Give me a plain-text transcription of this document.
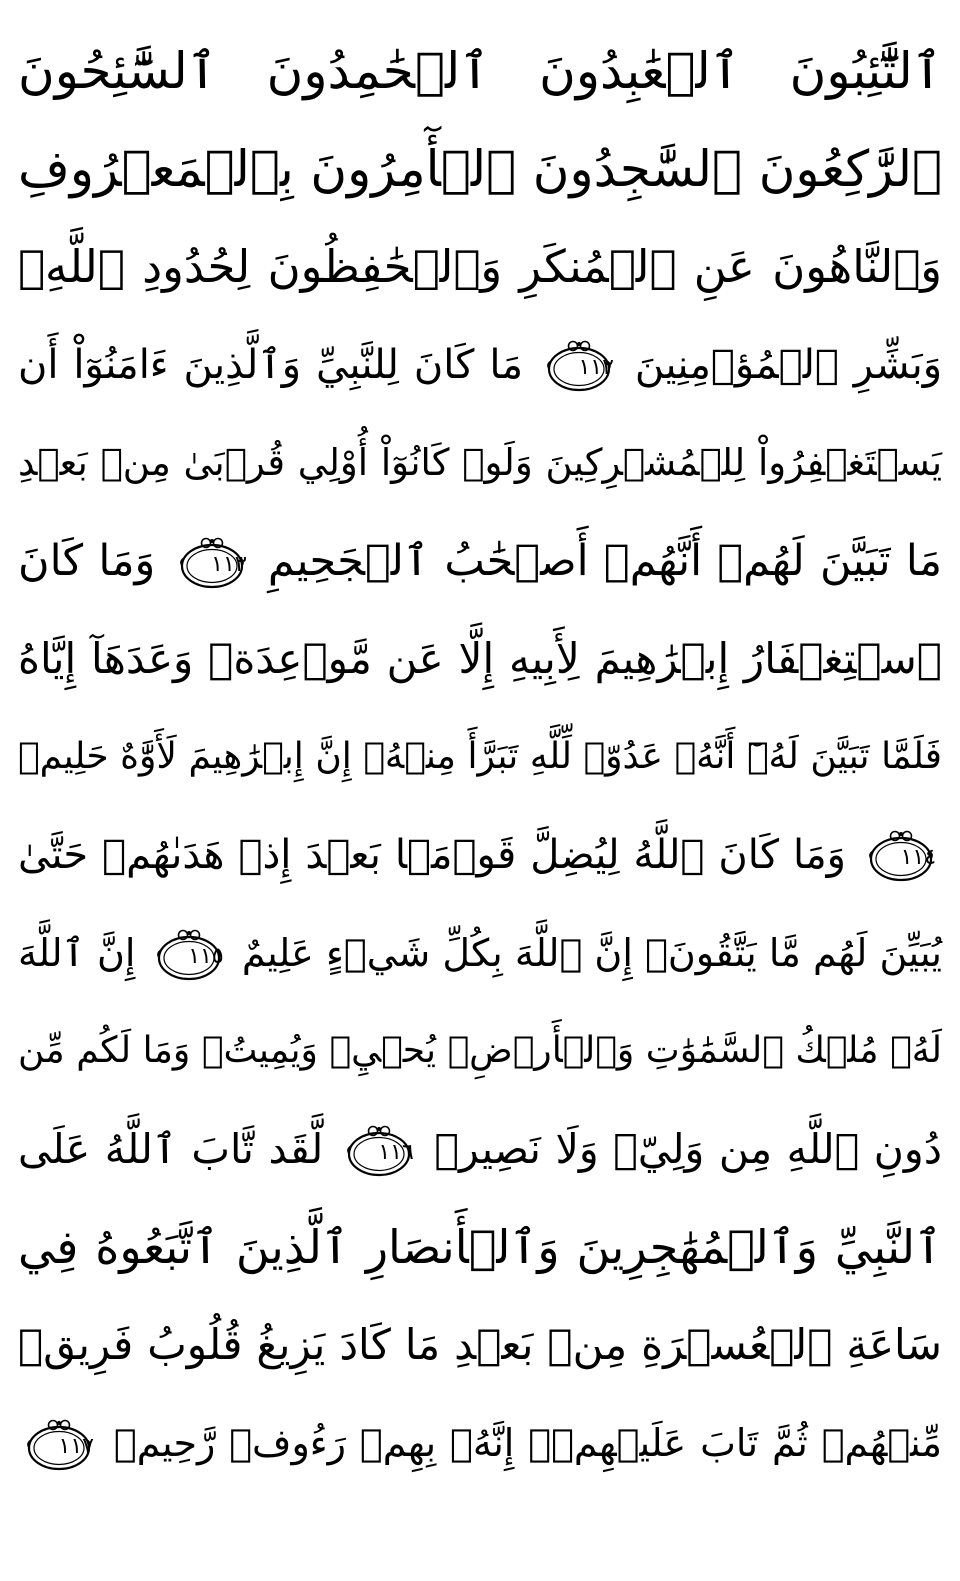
ٱلتَّٰٓئِبُونَ ٱلۡعَٰبِدُونَ ٱلۡحَٰمِدُونَ ٱلسَّٰٓئِحُونَ
ٱلرَّٰكِعُونَ ٱلسَّٰجِدُونَ ٱلۡأٓمِرُونَ بِٱلۡمَعۡرُوفِ
وَٱلنَّاهُونَ عَنِ ٱلۡمُنكَرِ وَٱلۡحَٰفِظُونَ لِحُدُودِ ٱللَّهِۗ
وَبَشِّرِ ٱلۡمُؤۡمِنِينَ
١١٢
مَا كَانَ لِلنَّبِيِّ وَٱلَّذِينَ ءَامَنُوٓاْ أَن
يَسۡتَغۡفِرُواْ لِلۡمُشۡرِكِينَ وَلَوۡ كَانُوٓاْ أُوْلِي قُرۡبَىٰ مِنۢ بَعۡدِ
مَا تَبَيَّنَ لَهُمۡ أَنَّهُمۡ أَصۡحَٰبُ ٱلۡجَحِيمِ
١١٣
وَمَا كَانَ
ٱسۡتِغۡفَارُ إِبۡرَٰهِيمَ لِأَبِيهِ إِلَّا عَن مَّوۡعِدَةٖ وَعَدَهَآ إِيَّاهُ
فَلَمَّا تَبَيَّنَ لَهُۥٓ أَنَّهُۥ عَدُوّٞ لِّلَّهِ تَبَرَّأَ مِنۡهُۚ إِنَّ إِبۡرَٰهِيمَ لَأَوَّٰهٌ حَلِيمٞ
١١٤
وَمَا كَانَ ٱللَّهُ لِيُضِلَّ قَوۡمَۢا بَعۡدَ إِذۡ هَدَىٰهُمۡ حَتَّىٰ
يُبَيِّنَ لَهُم مَّا يَتَّقُونَۚ إِنَّ ٱللَّهَ بِكُلِّ شَيۡءٍ عَلِيمٌ
١١٥
إِنَّ ٱللَّهَ
لَهُۥ مُلۡكُ ٱلسَّمَٰوَٰتِ وَٱلۡأَرۡضِۖ يُحۡيِۦ وَيُمِيتُۚ وَمَا لَكُم مِّن
دُونِ ٱللَّهِ مِن وَلِيّٖ وَلَا نَصِيرٖ
١١٦
لَّقَد تَّابَ ٱللَّهُ عَلَى
ٱلنَّبِيِّ وَٱلۡمُهَٰجِرِينَ وَٱلۡأَنصَارِ ٱلَّذِينَ ٱتَّبَعُوهُ فِي
سَاعَةِ ٱلۡعُسۡرَةِ مِنۢ بَعۡدِ مَا كَادَ يَزِيغُ قُلُوبُ فَرِيقٖ
مِّنۡهُمۡ ثُمَّ تَابَ عَلَيۡهِمۡۚ إِنَّهُۥ بِهِمۡ رَءُوفٞ رَّحِيمٞ
١١٧
